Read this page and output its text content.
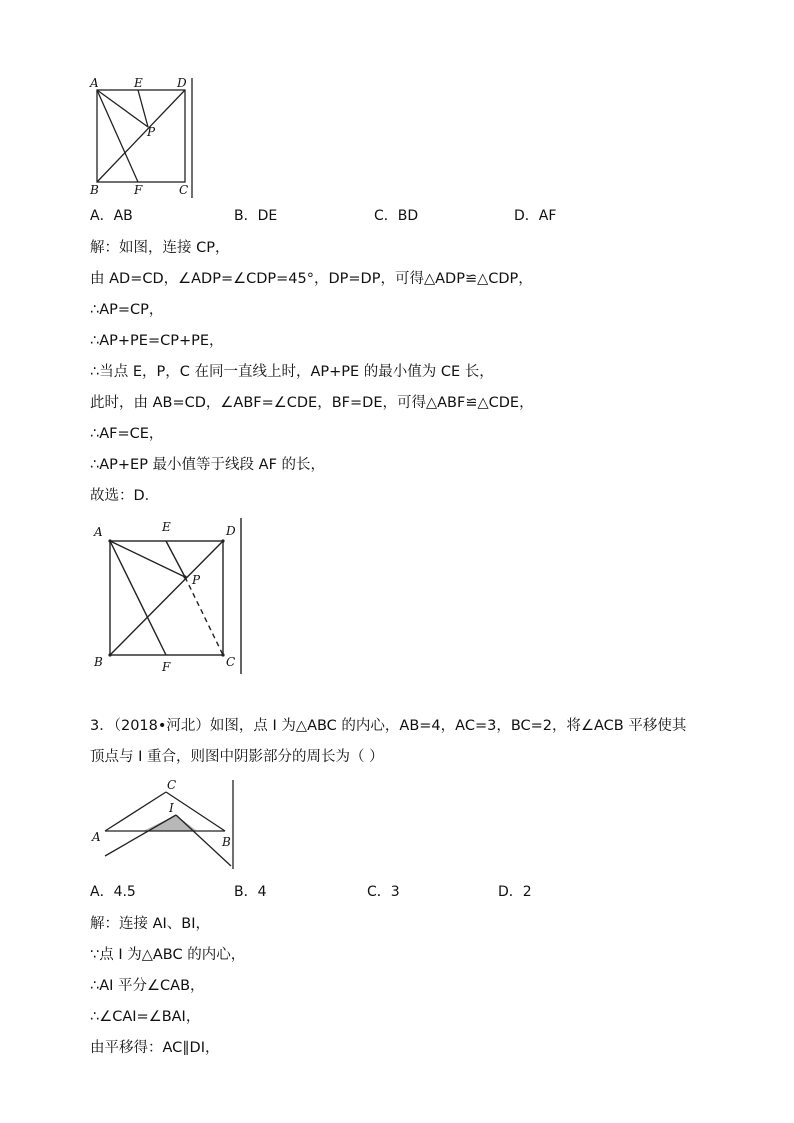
A	E	D
P
B	F	C
A．AB	B．DE	C．BD	D．AF
解：如图，连接 CP，
由 AD=CD，∠ADP=∠CDP=45°，DP=DP，可得△ADP≌△CDP，
∴AP=CP，
∴AP+PE=CP+PE，
∴当点 E，P，C 在同一直线上时，AP+PE 的最小值为 CE 长，
此时，由 AB=CD，∠ABF=∠CDE，BF=DE，可得△ABF≌△CDE，
∴AF=CE，
∴AP+EP 最小值等于线段 AF 的长，
故选：D．
A	E	D
P
B	F	C
3．（2018•河北）如图，点 I 为△ABC 的内心，AB=4，AC=3，BC=2，将∠ACB 平移使其
顶点与 I 重合，则图中阴影部分的周长为（ ）
A	B
C
I
A．4.5	B．4	C．3	D．2
解：连接 AI、BI，
∵点 I 为△ABC 的内心，
∴AI 平分∠CAB，
∴∠CAI=∠BAI，
由平移得：AC∥DI，
